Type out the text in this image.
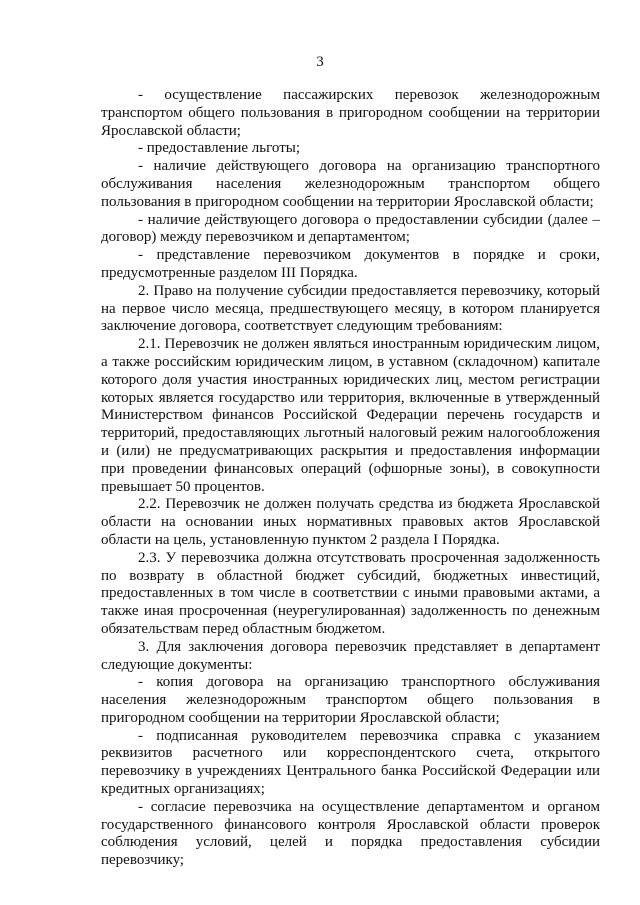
3

- осуществление пассажирских перевозок железнодорожным транспортом общего пользования в пригородном сообщении на территории Ярославской области;

- предоставление льготы;

- наличие действующего договора на организацию транспортного обслуживания населения железнодорожным транспортом общего пользования в пригородном сообщении на территории Ярославской области;

- наличие действующего договора о предоставлении субсидии (далее – договор) между перевозчиком и департаментом;

- представление перевозчиком документов в порядке и сроки, предусмотренные разделом III Порядка.

2. Право на получение субсидии предоставляется перевозчику, который на первое число месяца, предшествующего месяцу, в котором планируется заключение договора, соответствует следующим требованиям:

2.1. Перевозчик не должен являться иностранным юридическим лицом, а также российским юридическим лицом, в уставном (складочном) капитале которого доля участия иностранных юридических лиц, местом регистрации которых является государство или территория, включенные в утвержденный Министерством финансов Российской Федерации перечень государств и территорий, предоставляющих льготный налоговый режим налогообложения и (или) не предусматривающих раскрытия и предоставления информации при проведении финансовых операций (офшорные зоны), в совокупности превышает 50 процентов.

2.2. Перевозчик не должен получать средства из бюджета Ярославской области на основании иных нормативных правовых актов Ярославской области на цель, установленную пунктом 2 раздела I Порядка.

2.3. У перевозчика должна отсутствовать просроченная задолженность по возврату в областной бюджет субсидий, бюджетных инвестиций, предоставленных в том числе в соответствии с иными правовыми актами, а также иная просроченная (неурегулированная) задолженность по денежным обязательствам перед областным бюджетом.

3. Для заключения договора перевозчик представляет в департамент следующие документы:

- копия договора на организацию транспортного обслуживания населения железнодорожным транспортом общего пользования в пригородном сообщении на территории Ярославской области;

- подписанная руководителем перевозчика справка с указанием реквизитов расчетного или корреспондентского счета, открытого перевозчику в учреждениях Центрального банка Российской Федерации или кредитных организациях;

- согласие перевозчика на осуществление департаментом и органом государственного финансового контроля Ярославской области проверок соблюдения условий, целей и порядка предоставления субсидии перевозчику;
